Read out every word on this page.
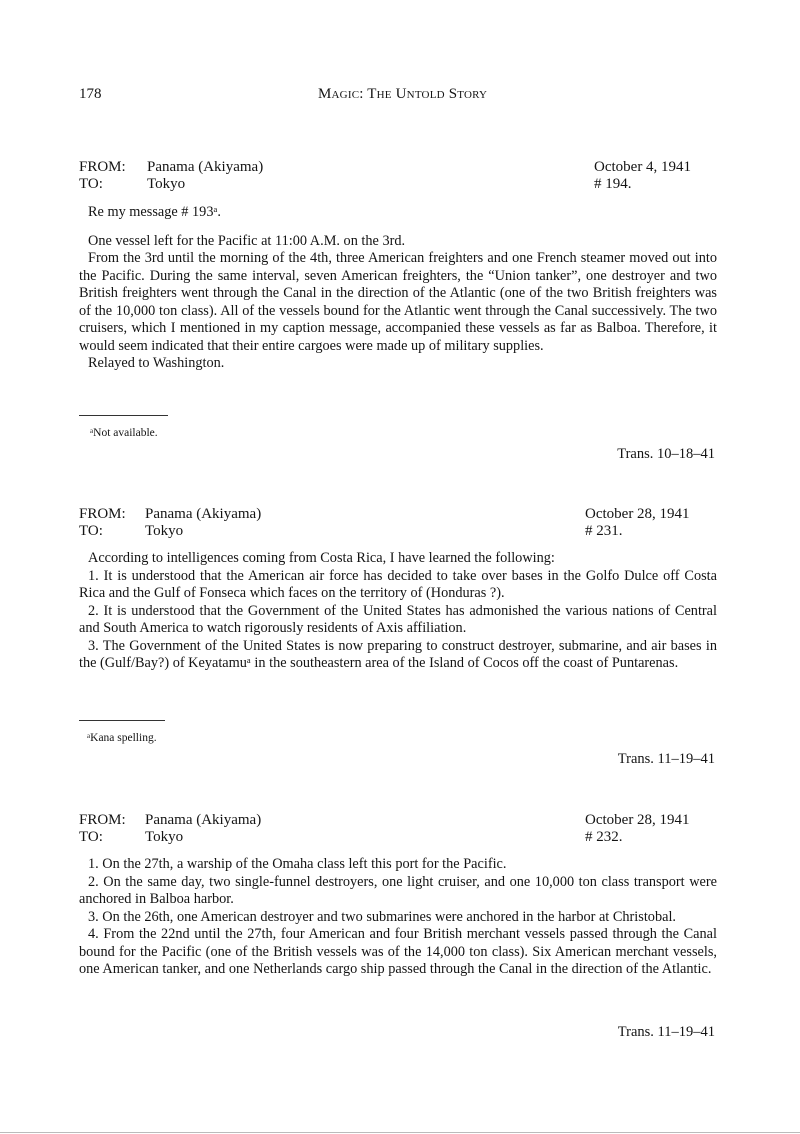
178	Magic: The Untold Story
FROM: Panama (Akiyama)	October 4, 1941
TO:	Tokyo	# 194.

Re my message # 193ᵃ.

One vessel left for the Pacific at 11:00 A.M. on the 3rd.

From the 3rd until the morning of the 4th, three American freighters and one French steamer moved out into the Pacific. During the same interval, seven American freighters, the “Union tanker”, one destroyer and two British freighters went through the Canal in the direction of the Atlantic (one of the two British freighters was of the 10,000 ton class). All of the vessels bound for the Atlantic went through the Canal successively. The two cruisers, which I mentioned in my caption message, accompanied these vessels as far as Balboa. Therefore, it would seem indicated that their entire cargoes were made up of military supplies.

Relayed to Washington.

ᵃNot available.
Trans. 10–18–41
FROM: Panama (Akiyama)	October 28, 1941
TO:	Tokyo	# 231.

According to intelligences coming from Costa Rica, I have learned the following:

1. It is understood that the American air force has decided to take over bases in the Golfo Dulce off Costa Rica and the Gulf of Fonseca which faces on the territory of (Honduras ?).

2. It is understood that the Government of the United States has admonished the various nations of Central and South America to watch rigorously residents of Axis affiliation.

3. The Government of the United States is now preparing to construct destroyer, submarine, and air bases in the (Gulf/Bay?) of Keyatamuᵃ in the southeastern area of the Island of Cocos off the coast of Puntarenas.

ᵃKana spelling.
Trans. 11–19–41
FROM: Panama (Akiyama)	October 28, 1941
TO:	Tokyo	# 232.

1. On the 27th, a warship of the Omaha class left this port for the Pacific.

2. On the same day, two single-funnel destroyers, one light cruiser, and one 10,000 ton class transport were anchored in Balboa harbor.

3. On the 26th, one American destroyer and two submarines were anchored in the harbor at Christobal.

4. From the 22nd until the 27th, four American and four British merchant vessels passed through the Canal bound for the Pacific (one of the British vessels was of the 14,000 ton class). Six American merchant vessels, one American tanker, and one Netherlands cargo ship passed through the Canal in the direction of the Atlantic.

Trans. 11–19–41
